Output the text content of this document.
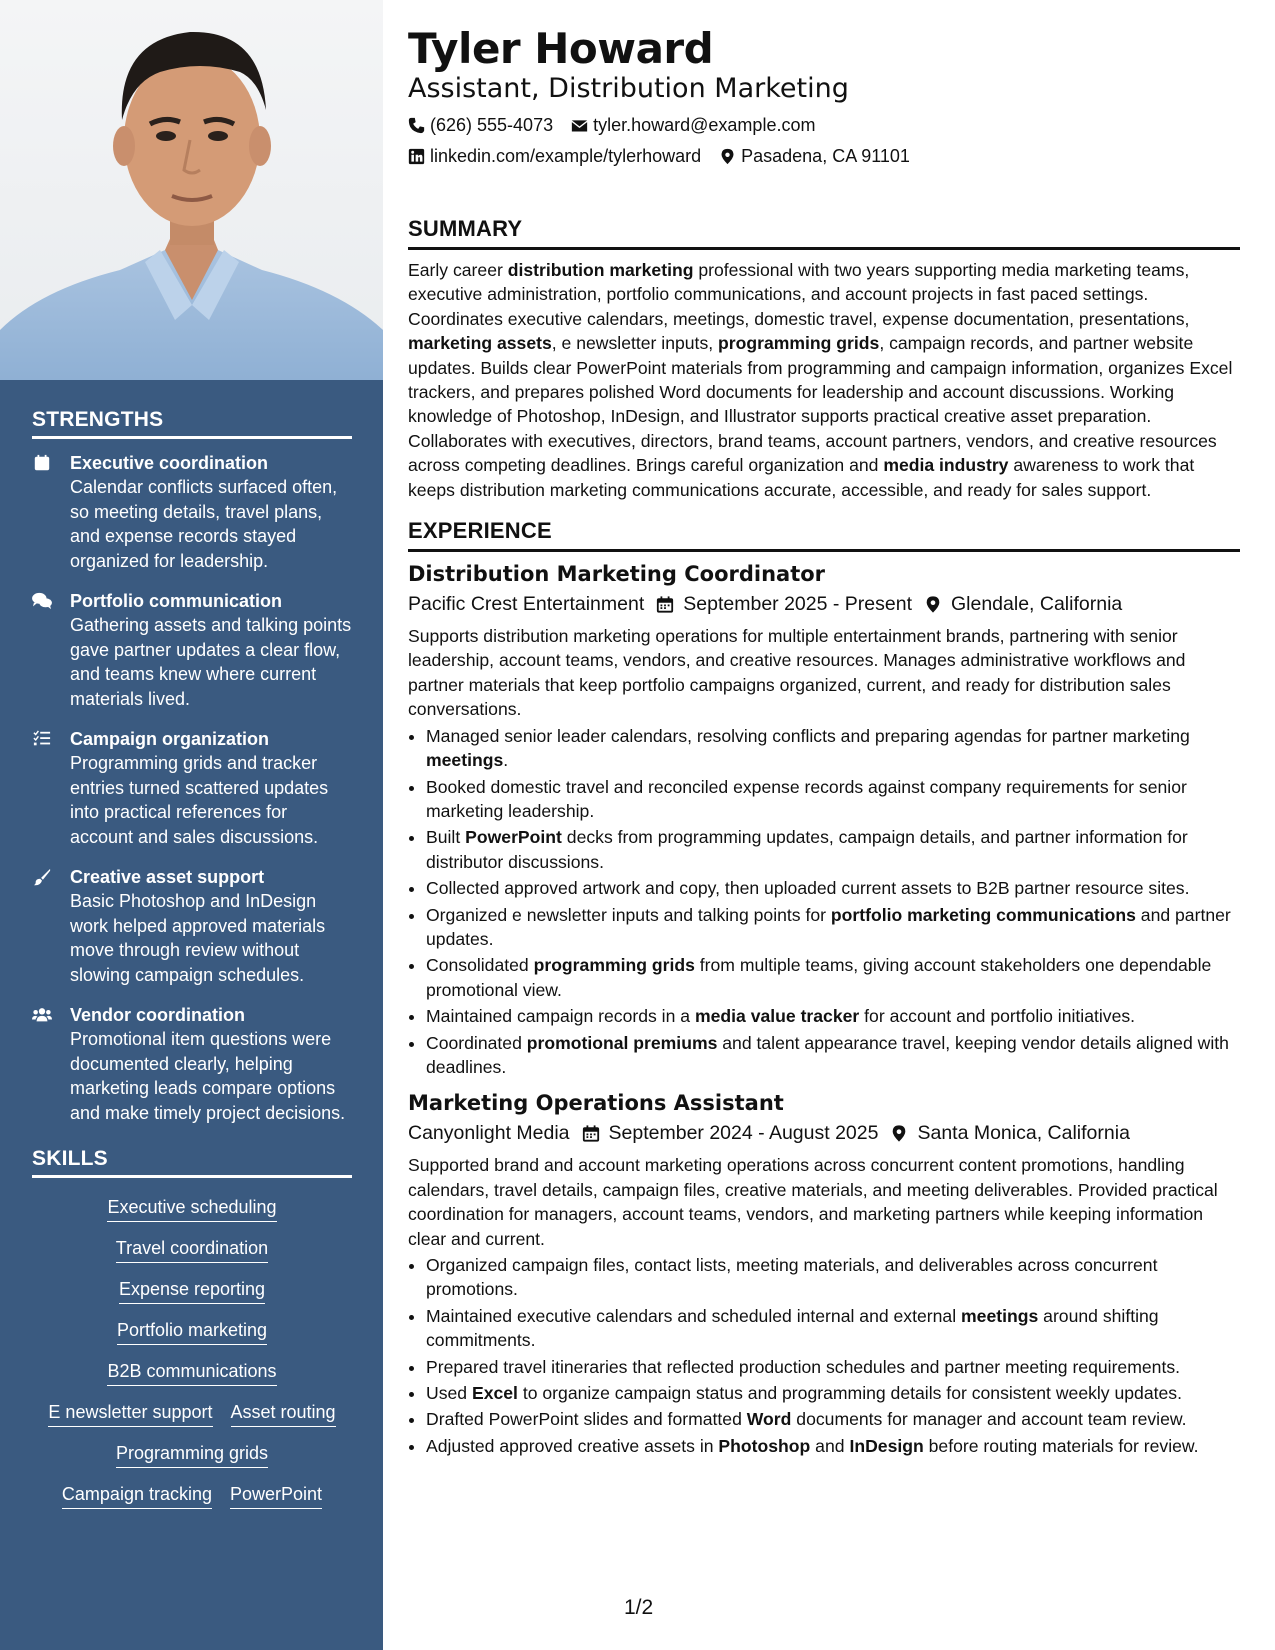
STRENGTHS
Executive coordination
Calendar conflicts surfaced often, so meeting details, travel plans, and expense records stayed organized for leadership.
Portfolio communication
Gathering assets and talking points gave partner updates a clear flow, and teams knew where current materials lived.
Campaign organization
Programming grids and tracker entries turned scattered updates into practical references for account and sales discussions.
Creative asset support
Basic Photoshop and InDesign work helped approved materials move through review without slowing campaign schedules.
Vendor coordination
Promotional item questions were documented clearly, helping marketing leads compare options and make timely project decisions.
SKILLS
Executive scheduling
Travel coordination
Expense reporting
Portfolio marketing
B2B communications
E newsletter support Asset routing
Programming grids
Campaign tracking PowerPoint
Tyler Howard
Assistant, Distribution Marketing
(626) 555-4073 tyler.howard@example.com
linkedin.com/example/tylerhoward Pasadena, CA 91101
SUMMARY

Early career distribution marketing professional with two years supporting media marketing teams, executive administration, portfolio communications, and account projects in fast paced settings. Coordinates executive calendars, meetings, domestic travel, expense documentation, presentations, marketing assets, e newsletter inputs, programming grids, campaign records, and partner website updates. Builds clear PowerPoint materials from programming and campaign information, organizes Excel trackers, and prepares polished Word documents for leadership and account discussions. Working knowledge of Photoshop, InDesign, and Illustrator supports practical creative asset preparation. Collaborates with executives, directors, brand teams, account partners, vendors, and creative resources across competing deadlines. Brings careful organization and media industry awareness to work that keeps distribution marketing communications accurate, accessible, and ready for sales support.

EXPERIENCE
Distribution Marketing Coordinator
Pacific Crest Entertainment September 2025 - Present Glendale, California

Supports distribution marketing operations for multiple entertainment brands, partnering with senior leadership, account teams, vendors, and creative resources. Manages administrative workflows and partner materials that keep portfolio campaigns organized, current, and ready for distribution sales conversations.

• Managed senior leader calendars, resolving conflicts and preparing agendas for partner marketing meetings.
• Booked domestic travel and reconciled expense records against company requirements for senior marketing leadership.
• Built PowerPoint decks from programming updates, campaign details, and partner information for distributor discussions.
• Collected approved artwork and copy, then uploaded current assets to B2B partner resource sites.
• Organized e newsletter inputs and talking points for portfolio marketing communications and partner updates.
• Consolidated programming grids from multiple teams, giving account stakeholders one dependable promotional view.
• Maintained campaign records in a media value tracker for account and portfolio initiatives.
• Coordinated promotional premiums and talent appearance travel, keeping vendor details aligned with deadlines.
Marketing Operations Assistant
Canyonlight Media September 2024 - August 2025 Santa Monica, California

Supported brand and account marketing operations across concurrent content promotions, handling calendars, travel details, campaign files, creative materials, and meeting deliverables. Provided practical coordination for managers, account teams, vendors, and marketing partners while keeping information clear and current.

• Organized campaign files, contact lists, meeting materials, and deliverables across concurrent promotions.
• Maintained executive calendars and scheduled internal and external meetings around shifting commitments.
• Prepared travel itineraries that reflected production schedules and partner meeting requirements.
• Used Excel to organize campaign status and programming details for consistent weekly updates.
• Drafted PowerPoint slides and formatted Word documents for manager and account team review.
• Adjusted approved creative assets in Photoshop and InDesign before routing materials for review.
1/2
